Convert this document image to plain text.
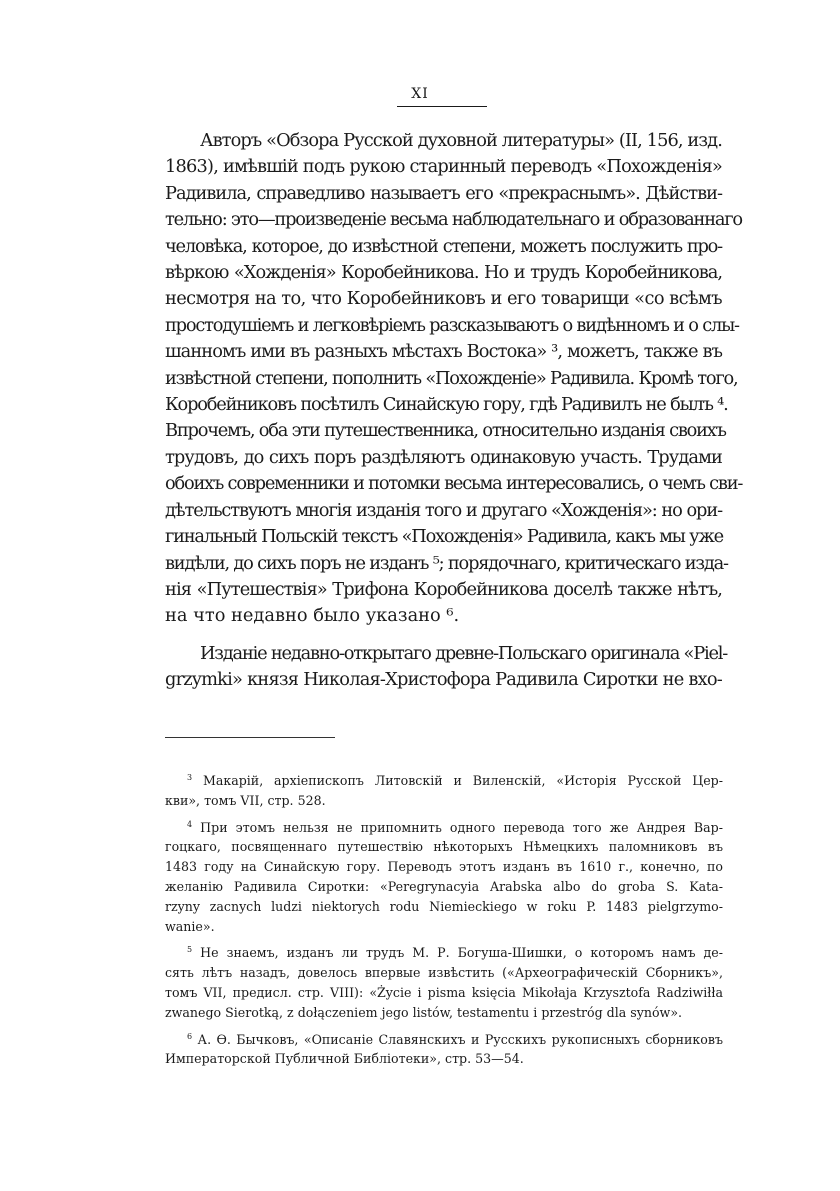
XI
Авторъ «Обзора Русской духовной литературы» (II, 156, изд.
1863), имѣвшій подъ рукою старинный переводъ «Похожденія»
Радивила, справедливо называетъ его «прекраснымъ». Дѣйстви-
тельно: это—произведеніе весьма наблюдательнаго и образованнаго
человѣка, которое, до извѣстной степени, можетъ послужить про-
вѣркою «Хожденія» Коробейникова. Но и трудъ Коробейникова,
несмотря на то, что Коробейниковъ и его товарищи «со всѣмъ
простодушіемъ и легковѣріемъ разсказываютъ о видѣнномъ и о слы-
шанномъ ими въ разныхъ мѣстахъ Востока» ³, можетъ, также въ
извѣстной степени, пополнить «Похожденіе» Радивила. Кромѣ того,
Коробейниковъ посѣтилъ Синайскую гору, гдѣ Радивилъ не былъ ⁴.
Впрочемъ, оба эти путешественника, относительно изданія своихъ
трудовъ, до сихъ поръ раздѣляютъ одинаковую участь. Трудами
обоихъ современники и потомки весьма интересовались, о чемъ сви-
дѣтельствуютъ многія изданія того и другаго «Хожденія»: но ори-
гинальный Польскій текстъ «Похожденія» Радивила, какъ мы уже
видѣли, до сихъ поръ не изданъ ⁵; порядочнаго, критическаго изда-
нія «Путешествія» Трифона Коробейникова доселѣ также нѣтъ,
на что недавно было указано ⁶.
Изданіе недавно-открытаго древне-Польскаго оригинала «Piel-
grzymki» князя Николая-Христофора Радивила Сиротки не вхо-
$^3$ Макарій, архіепископъ Литовскій и Виленскій, «Исторія Русской Цер-
кви», томъ VII, стр. 528.
$^4$ При этомъ нельзя не припомнить одного перевода того же Андрея Вар-
гоцкаго, посвященнаго путешествію нѣкоторыхъ Нѣмецкихъ паломниковъ въ
1483 году на Синайскую гору. Переводъ этотъ изданъ въ 1610 г., конечно, по
желанію Радивила Сиротки: «Peregrynacyia Arabska albo do groba S. Kata-
rzyny zacnych ludzi niektorych rodu Niemieckiego w roku P. 1483 pielgrzymo-
wanie».
$^5$ Не знаемъ, изданъ ли трудъ М. Р. Богуша-Шишки, о которомъ намъ де-
сять лѣтъ назадъ, довелось впервые извѣстить («Археографическій Сборникъ»,
томъ VII, предисл. стр. VIII): «Życie i pisma księcia Mikołaja Krzysztofa Radziwiłła
zwanego Sierotką, z dołączeniem jego listów, testamentu i przestróg dla synów».
$^6$ А. Ѳ. Бычковъ, «Описаніе Славянскихъ и Русскихъ рукописныхъ сборниковъ
Императорской Публичной Библіотеки», стр. 53—54.
